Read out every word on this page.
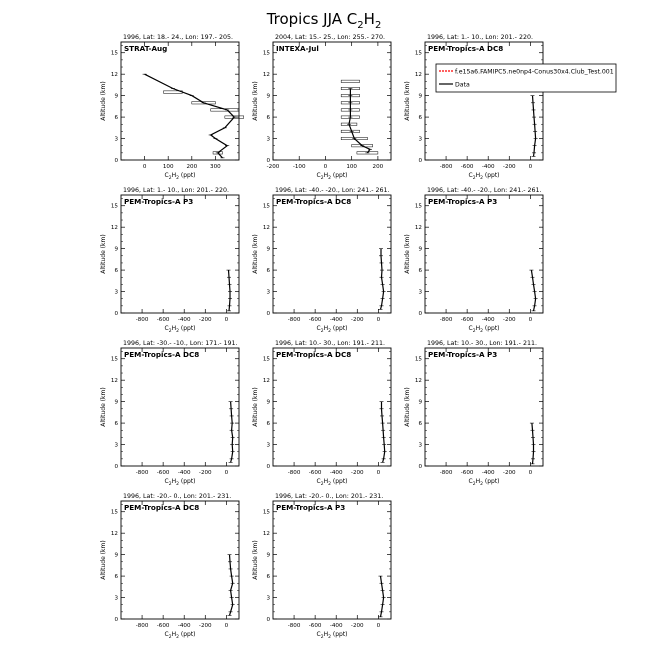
Tropics JJA $C_2H_2$
1996, Lat: 18.- 24., Lon: 197.- 205.
STRAT-Aug
0
3
6
9
12
15
Altitude (km)
0	100 200 300
$C_2H_2$ (ppt)
2004, Lat: 15.- 25., Lon: 255.- 270.
INTEXA-Jul
0
3
6
9
12
15
Altitude (km)
-200 -100	0	100	200
$C_2H_2$ (ppt)
1996, Lat: 1.- 10., Lon: 201.- 220.
PEM-Tropics-A DC8
0
3
6
9
12
15
Altitude (km)
-800 -600 -400 -200 0
$C_2H_2$ (ppt)
1996, Lat: 1.- 10., Lon: 201.- 220.
PEM-Tropics-A P3
0
3
6
9
12
15
Altitude (km)
-800 -600 -400 -200 0
$C_2H_2$ (ppt)
1996, Lat: -40.- -20., Lon: 241.- 261.
PEM-Tropics-A DC8
0
3
6
9
12
15
Altitude (km)
-800 -600 -400 -200 0
$C_2H_2$ (ppt)
1996, Lat: -40.- -20., Lon: 241.- 261.
PEM-Tropics-A P3
0
3
6
9
12
15
Altitude (km)
-800 -600 -400 -200 0
$C_2H_2$ (ppt)
1996, Lat: -30.- -10., Lon: 171.- 191.
PEM-Tropics-A DC8
0
3
6
9
12
15
Altitude (km)
-800 -600 -400 -200 0
$C_2H_2$ (ppt)
1996, Lat: 10.- 30., Lon: 191.- 211.
PEM-Tropics-A DC8
0
3
6
9
12
15
Altitude (km)
-800 -600 -400 -200 0
$C_2H_2$ (ppt)
1996, Lat: 10.- 30., Lon: 191.- 211.
PEM-Tropics-A P3
0
3
6
9
12
15
Altitude (km)
-800 -600 -400 -200 0
$C_2H_2$ (ppt)
1996, Lat: -20.- 0., Lon: 201.- 231.
PEM-Tropics-A DC8
0
3
6
9
12
15
Altitude (km)
-800 -600 -400 -200 0
$C_2H_2$ (ppt)
1996, Lat: -20.- 0., Lon: 201.- 231.
PEM-Tropics-A P3
0
3
6
9
12
15
Altitude (km)
-800 -600 -400 -200 0
$C_2H_2$ (ppt)
f.e15a6.FAMIPC5.ne0np4-Conus30x4.Club_Test.001
Data
